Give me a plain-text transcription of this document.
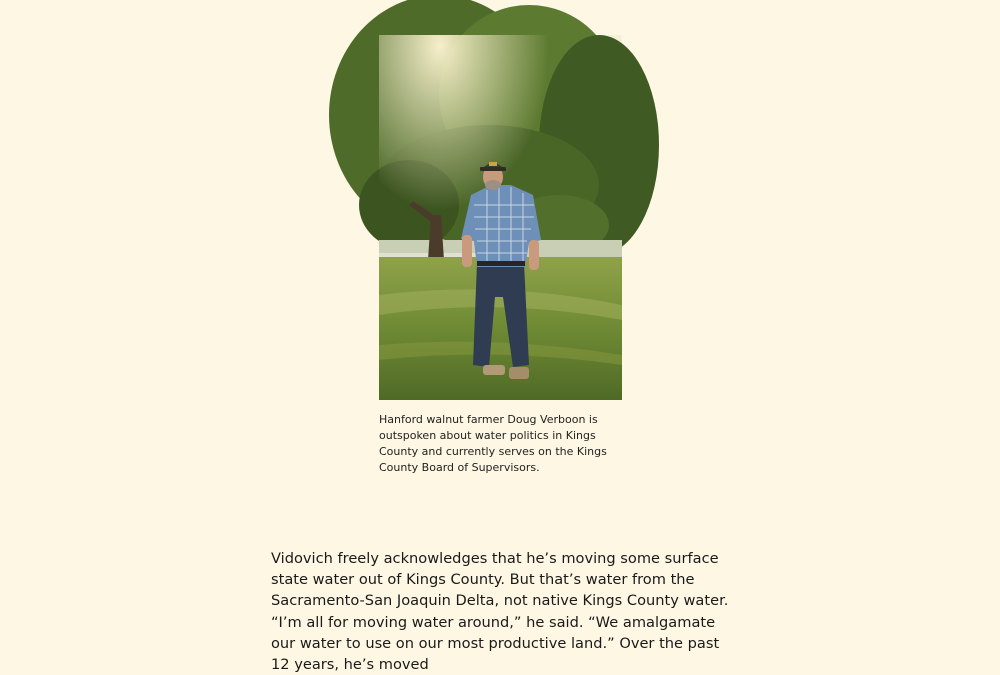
Hanford walnut farmer Doug Verboon is outspoken about water politics in Kings County and currently serves on the Kings County Board of Supervisors.

Vidovich freely acknowledges that he’s moving some surface state water out of Kings County. But that’s water from the Sacramento-San Joaquin Delta, not native Kings County water. “I’m all for moving water around,” he said. “We amalgamate our water to use on our most productive land.” Over the past 12 years, he’s moved
